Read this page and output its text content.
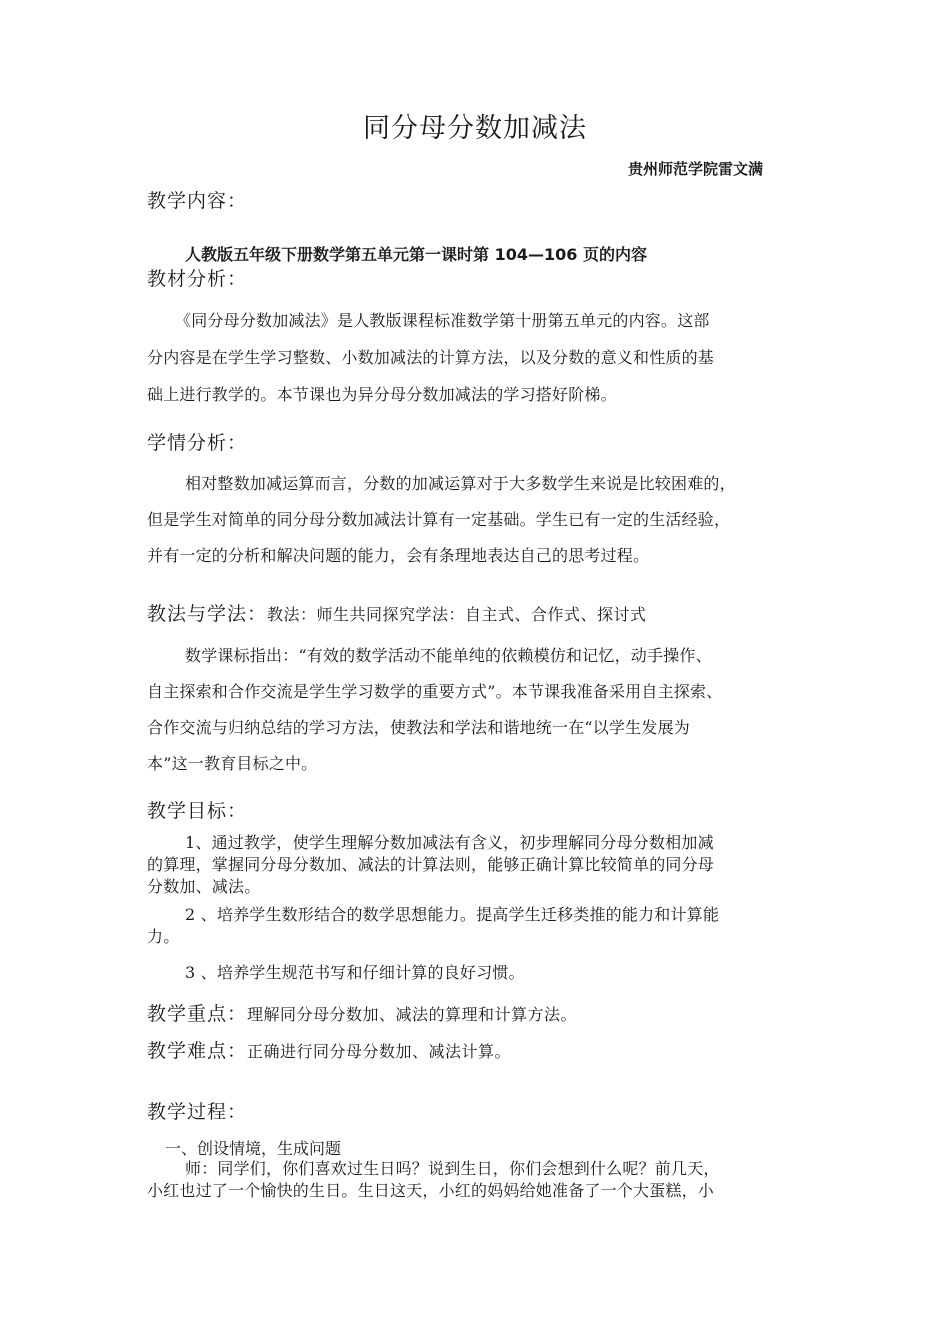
同分母分数加减法
贵州师范学院雷文满
教学内容：
人教版五年级下册数学第五单元第一课时第 104—106 页的内容
教材分析：
《同分母分数加减法》是人教版课程标准数学第十册第五单元的内容。这部
分内容是在学生学习整数、小数加减法的计算方法，以及分数的意义和性质的基
础上进行教学的。本节课也为异分母分数加减法的学习搭好阶梯。
学情分析：
相对整数加减运算而言，分数的加减运算对于大多数学生来说是比较困难的，
但是学生对简单的同分母分数加减法计算有一定基础。学生已有一定的生活经验，
并有一定的分析和解决问题的能力，会有条理地表达自己的思考过程。
教法与学法：教法：师生共同探究学法：自主式、合作式、探讨式
数学课标指出：“有效的数学活动不能单纯的依赖模仿和记忆，动手操作、
自主探索和合作交流是学生学习数学的重要方式”。本节课我准备采用自主探索、
合作交流与归纳总结的学习方法，使教法和学法和谐地统一在“以学生发展为
本”这一教育目标之中。
教学目标：
1、通过教学，使学生理解分数加减法有含义，初步理解同分母分数相加减
的算理，掌握同分母分数加、减法的计算法则，能够正确计算比较简单的同分母
分数加、减法。
2 、培养学生数形结合的数学思想能力。提高学生迁移类推的能力和计算能
力。
3 、培养学生规范书写和仔细计算的良好习惯。
教学重点：理解同分母分数加、减法的算理和计算方法。
教学难点：正确进行同分母分数加、减法计算。
教学过程：
一、创设情境，生成问题
师：同学们，你们喜欢过生日吗？说到生日，你们会想到什么呢？前几天，
小红也过了一个愉快的生日。生日这天，小红的妈妈给她准备了一个大蛋糕，小
